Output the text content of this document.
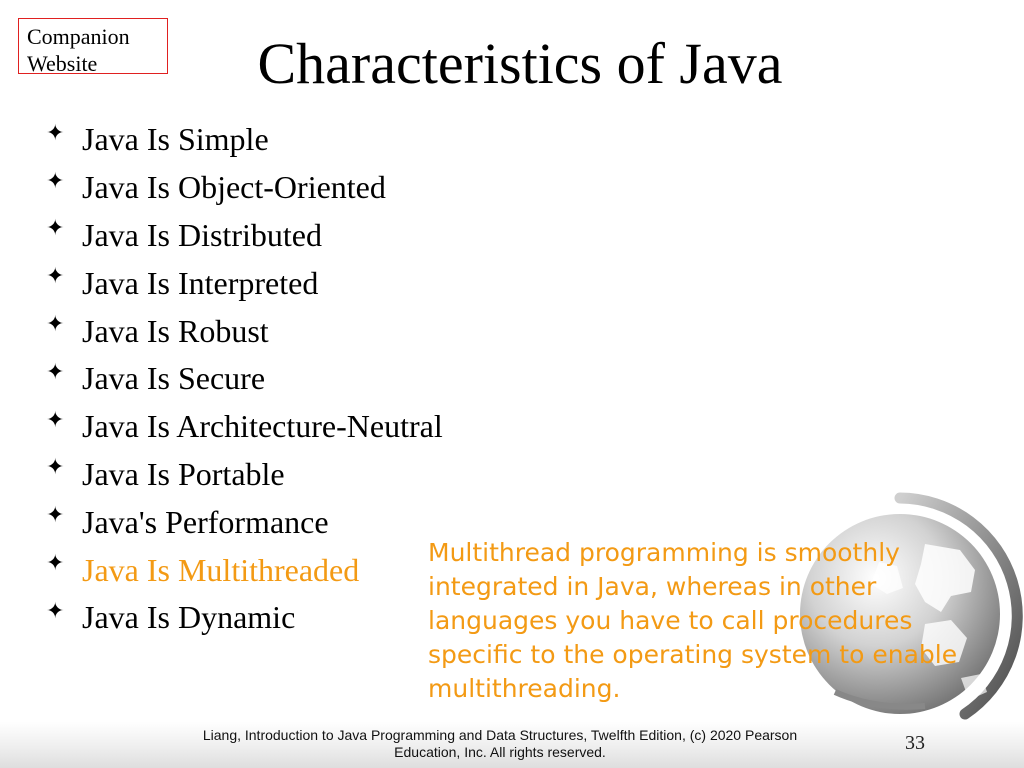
Companion
Website	Characteristics of Java
✦ Java Is Simple
✦ Java Is Object-Oriented
✦ Java Is Distributed
✦ Java Is Interpreted
✦ Java Is Robust
✦ Java Is Secure
✦ Java Is Architecture-Neutral
✦ Java Is Portable
✦ Java's Performance
✦ Java Is Multithreaded
✦ Java Is Dynamic
Multithread programming is smoothly integrated in Java, whereas in other languages you have to call procedures specific to the operating system to enable multithreading.
Liang, Introduction to Java Programming and Data Structures, Twelfth Edition, (c) 2020 Pearson Education, Inc. All rights reserved.	33
